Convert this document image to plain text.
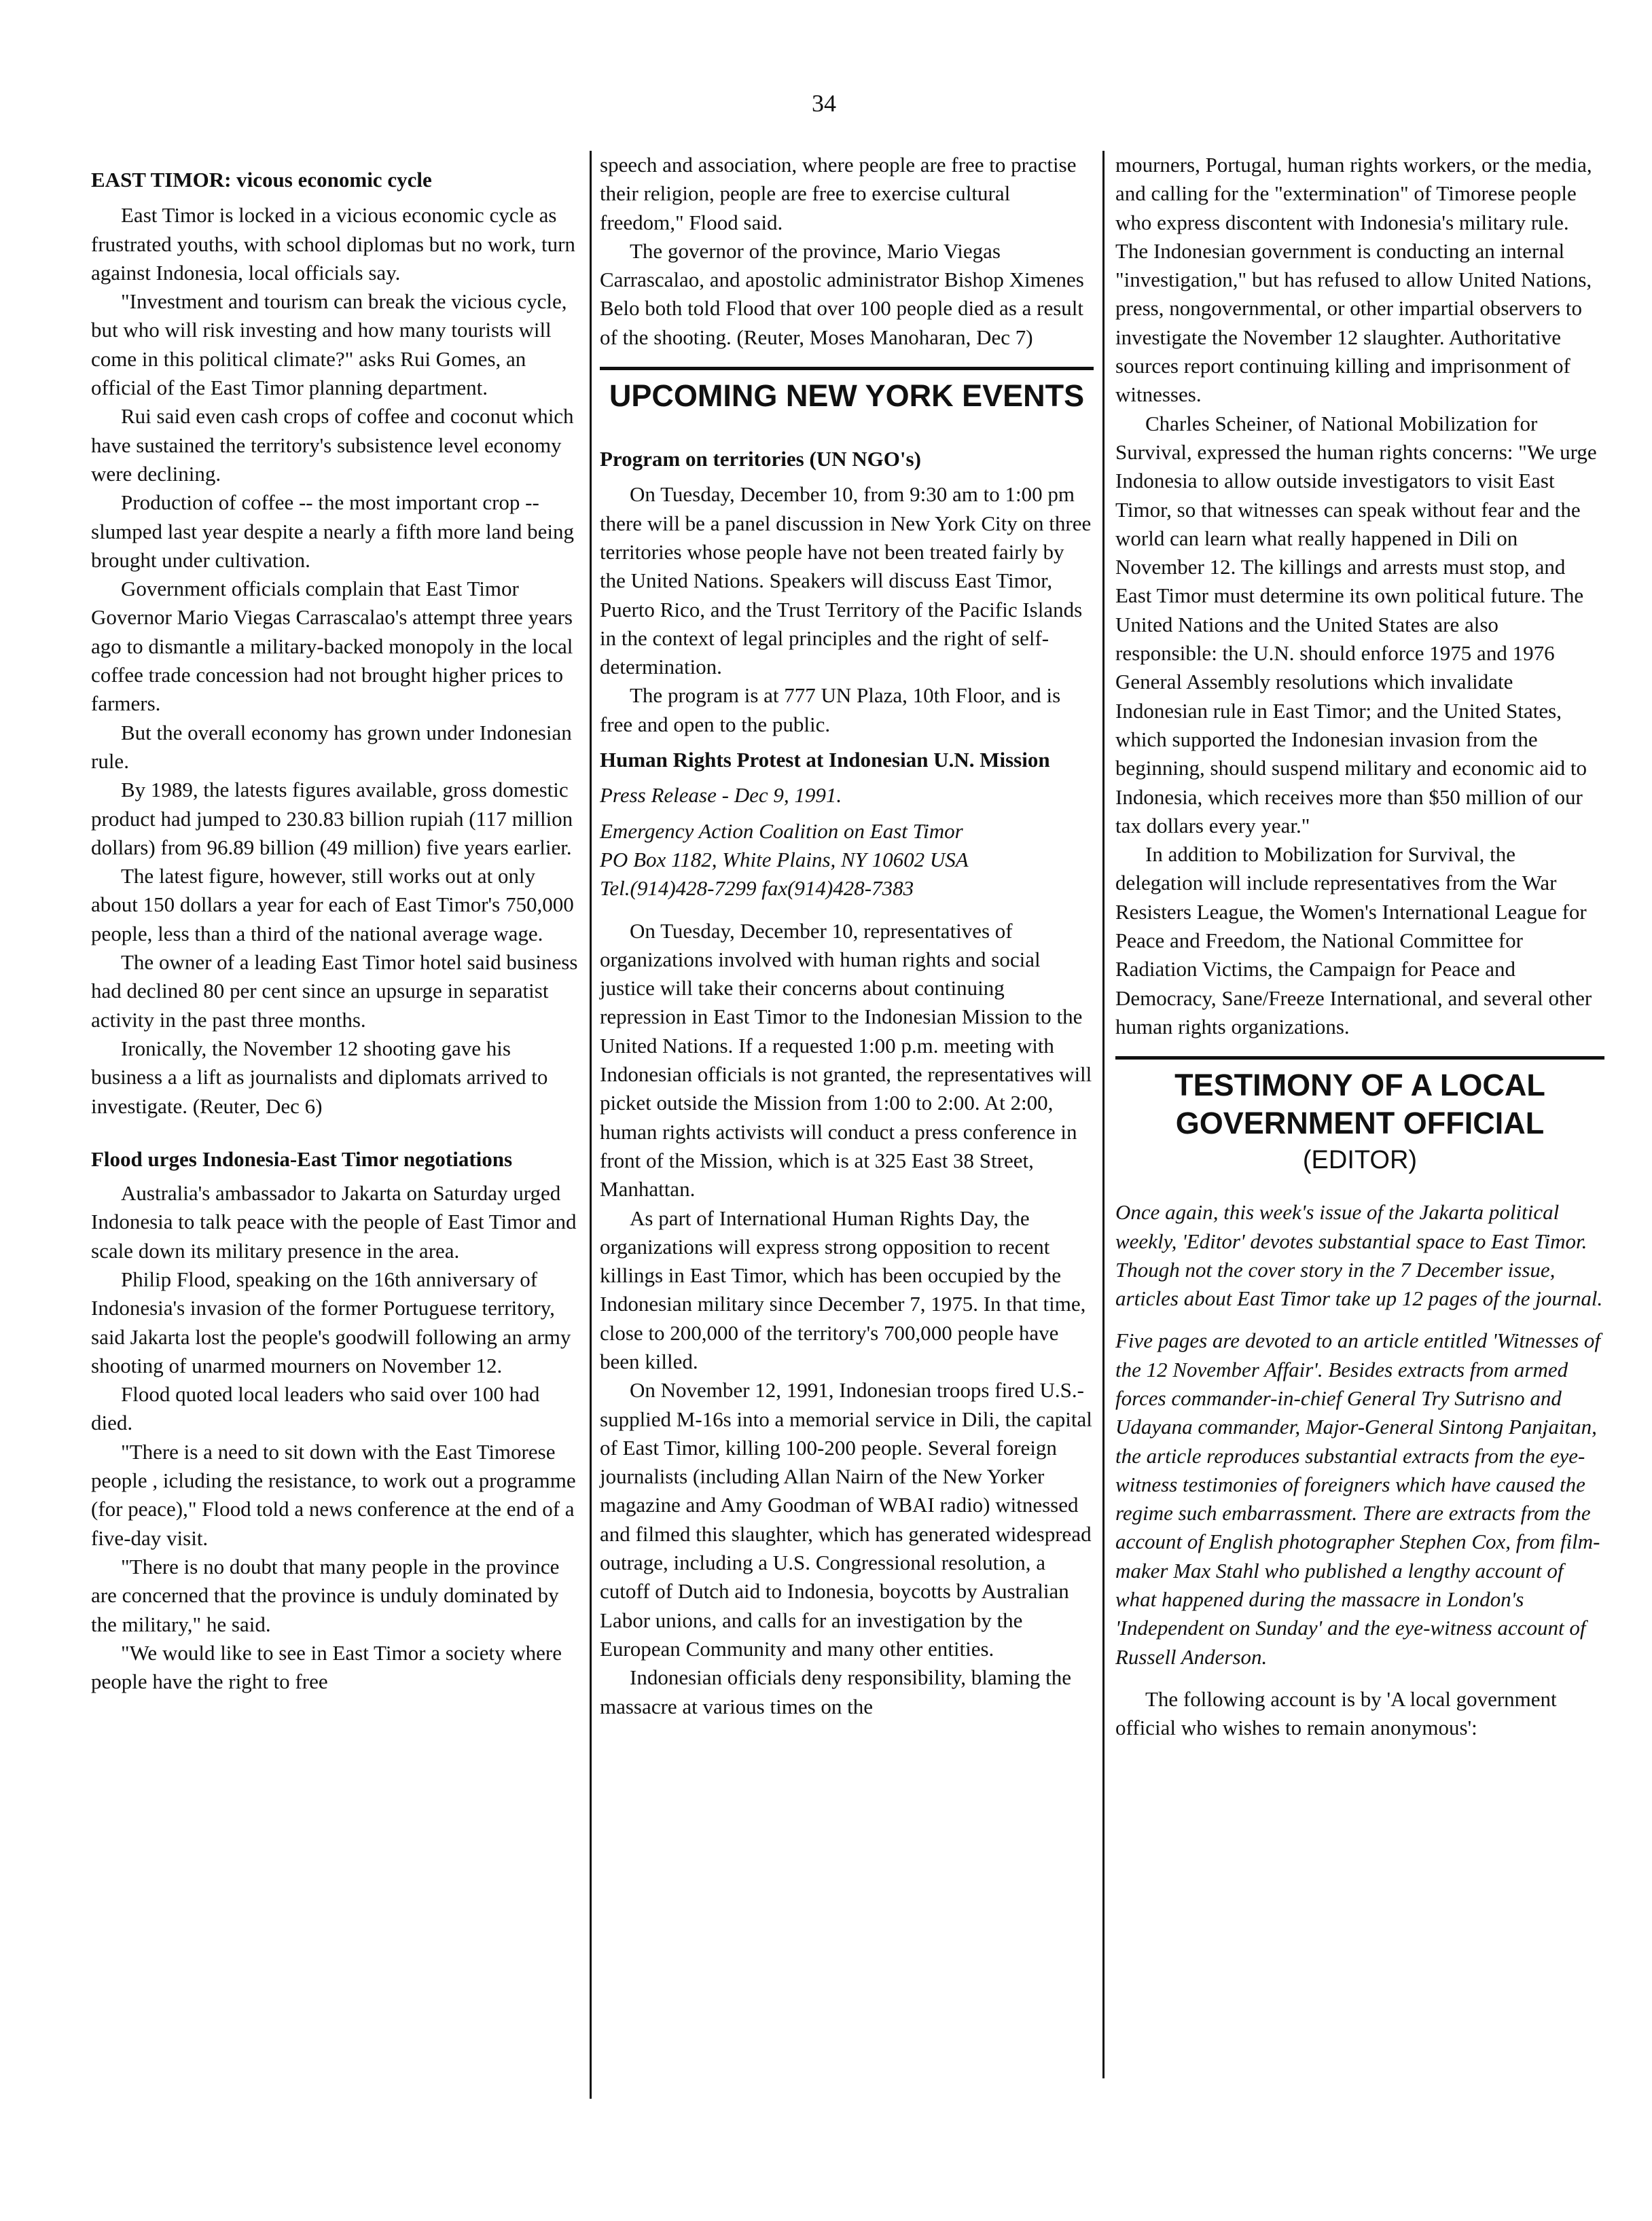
34

EAST TIMOR: vicous economic cycle

East Timor is locked in a vicious economic cycle as frustrated youths, with school diplomas but no work, turn against Indonesia, local officials say.

"Investment and tourism can break the vicious cycle, but who will risk investing and how many tourists will come in this political climate?" asks Rui Gomes, an official of the East Timor planning department.

Rui said even cash crops of coffee and coconut which have sustained the territory's subsistence level economy were declining.

Production of coffee -- the most important crop -- slumped last year despite a nearly a fifth more land being brought under cultivation.

Government officials complain that East Timor Governor Mario Viegas Carrascalao's attempt three years ago to dismantle a military-backed monopoly in the local coffee trade concession had not brought higher prices to farmers.

But the overall economy has grown under Indonesian rule.

By 1989, the latests figures available, gross domestic product had jumped to 230.83 billion rupiah (117 million dollars) from 96.89 billion (49 million) five years earlier.

The latest figure, however, still works out at only about 150 dollars a year for each of East Timor's 750,000 people, less than a third of the national average wage.

The owner of a leading East Timor hotel said business had declined 80 per cent since an upsurge in separatist activity in the past three months.

Ironically, the November 12 shooting gave his business a a lift as journalists and diplomats arrived to investigate. (Reuter, Dec 6)

Flood urges Indonesia-East Timor negotiations

Australia's ambassador to Jakarta on Saturday urged Indonesia to talk peace with the people of East Timor and scale down its military presence in the area.

Philip Flood, speaking on the 16th anniversary of Indonesia's invasion of the former Portuguese territory, said Jakarta lost the people's goodwill following an army shooting of unarmed mourners on November 12.

Flood quoted local leaders who said over 100 had died.

"There is a need to sit down with the East Timorese people , icluding the resistance, to work out a programme (for peace)," Flood told a news conference at the end of a five-day visit.

"There is no doubt that many people in the province are concerned that the province is unduly dominated by the military," he said.

"We would like to see in East Timor a society where people have the right to free

speech and association, where people are free to practise their religion, people are free to exercise cultural freedom," Flood said.

The governor of the province, Mario Viegas Carrascalao, and apostolic administrator Bishop Ximenes Belo both told Flood that over 100 people died as a result of the shooting. (Reuter, Moses Manoharan, Dec 7)

UPCOMING NEW YORK EVENTS

Program on territories (UN NGO's)

On Tuesday, December 10, from 9:30 am to 1:00 pm there will be a panel discussion in New York City on three territories whose people have not been treated fairly by the United Nations. Speakers will discuss East Timor, Puerto Rico, and the Trust Territory of the Pacific Islands in the context of legal principles and the right of self-determination.

The program is at 777 UN Plaza, 10th Floor, and is free and open to the public.

Human Rights Protest at Indonesian U.N. Mission

Press Release - Dec 9, 1991.

Emergency Action Coalition on East Timor

PO Box 1182, White Plains, NY 10602 USA

Tel.(914)428-7299 fax(914)428-7383

On Tuesday, December 10, representatives of organizations involved with human rights and social justice will take their concerns about continuing repression in East Timor to the Indonesian Mission to the United Nations. If a requested 1:00 p.m. meeting with Indonesian officials is not granted, the representatives will picket outside the Mission from 1:00 to 2:00. At 2:00, human rights activists will conduct a press conference in front of the Mission, which is at 325 East 38 Street, Manhattan.

As part of International Human Rights Day, the organizations will express strong opposition to recent killings in East Timor, which has been occupied by the Indonesian military since December 7, 1975. In that time, close to 200,000 of the territory's 700,000 people have been killed.

On November 12, 1991, Indonesian troops fired U.S.-supplied M-16s into a memorial service in Dili, the capital of East Timor, killing 100-200 people. Several foreign journalists (including Allan Nairn of the New Yorker magazine and Amy Goodman of WBAI radio) witnessed and filmed this slaughter, which has generated widespread outrage, including a U.S. Congressional resolution, a cutoff of Dutch aid to Indonesia, boycotts by Australian Labor unions, and calls for an investigation by the European Community and many other entities.

Indonesian officials deny responsibility, blaming the massacre at various times on the

mourners, Portugal, human rights workers, or the media, and calling for the "extermination" of Timorese people who express discontent with Indonesia's military rule. The Indonesian government is conducting an internal "investigation," but has refused to allow United Nations, press, nongovernmental, or other impartial observers to investigate the November 12 slaughter. Authoritative sources report continuing killing and imprisonment of witnesses.

Charles Scheiner, of National Mobilization for Survival, expressed the human rights concerns: "We urge Indonesia to allow outside investigators to visit East Timor, so that witnesses can speak without fear and the world can learn what really happened in Dili on November 12. The killings and arrests must stop, and East Timor must determine its own political future. The United Nations and the United States are also responsible: the U.N. should enforce 1975 and 1976 General Assembly resolutions which invalidate Indonesian rule in East Timor; and the United States, which supported the Indonesian invasion from the beginning, should suspend military and economic aid to Indonesia, which receives more than $50 million of our tax dollars every year."

In addition to Mobilization for Survival, the delegation will include representatives from the War Resisters League, the Women's International League for Peace and Freedom, the National Committee for Radiation Victims, the Campaign for Peace and Democracy, Sane/Freeze International, and several other human rights organizations.

TESTIMONY OF A LOCAL GOVERNMENT OFFICIAL
(EDITOR)

Once again, this week's issue of the Jakarta political weekly, 'Editor' devotes substantial space to East Timor. Though not the cover story in the 7 December issue, articles about East Timor take up 12 pages of the journal.

Five pages are devoted to an article entitled 'Witnesses of the 12 November Affair'. Besides extracts from armed forces commander-in-chief General Try Sutrisno and Udayana commander, Major-General Sintong Panjaitan, the article reproduces substantial extracts from the eye-witness testimonies of foreigners which have caused the regime such embarrassment. There are extracts from the account of English photographer Stephen Cox, from film-maker Max Stahl who published a lengthy account of what happened during the massacre in London's 'Independent on Sunday' and the eye-witness account of Russell Anderson.

The following account is by 'A local government official who wishes to remain anonymous':
